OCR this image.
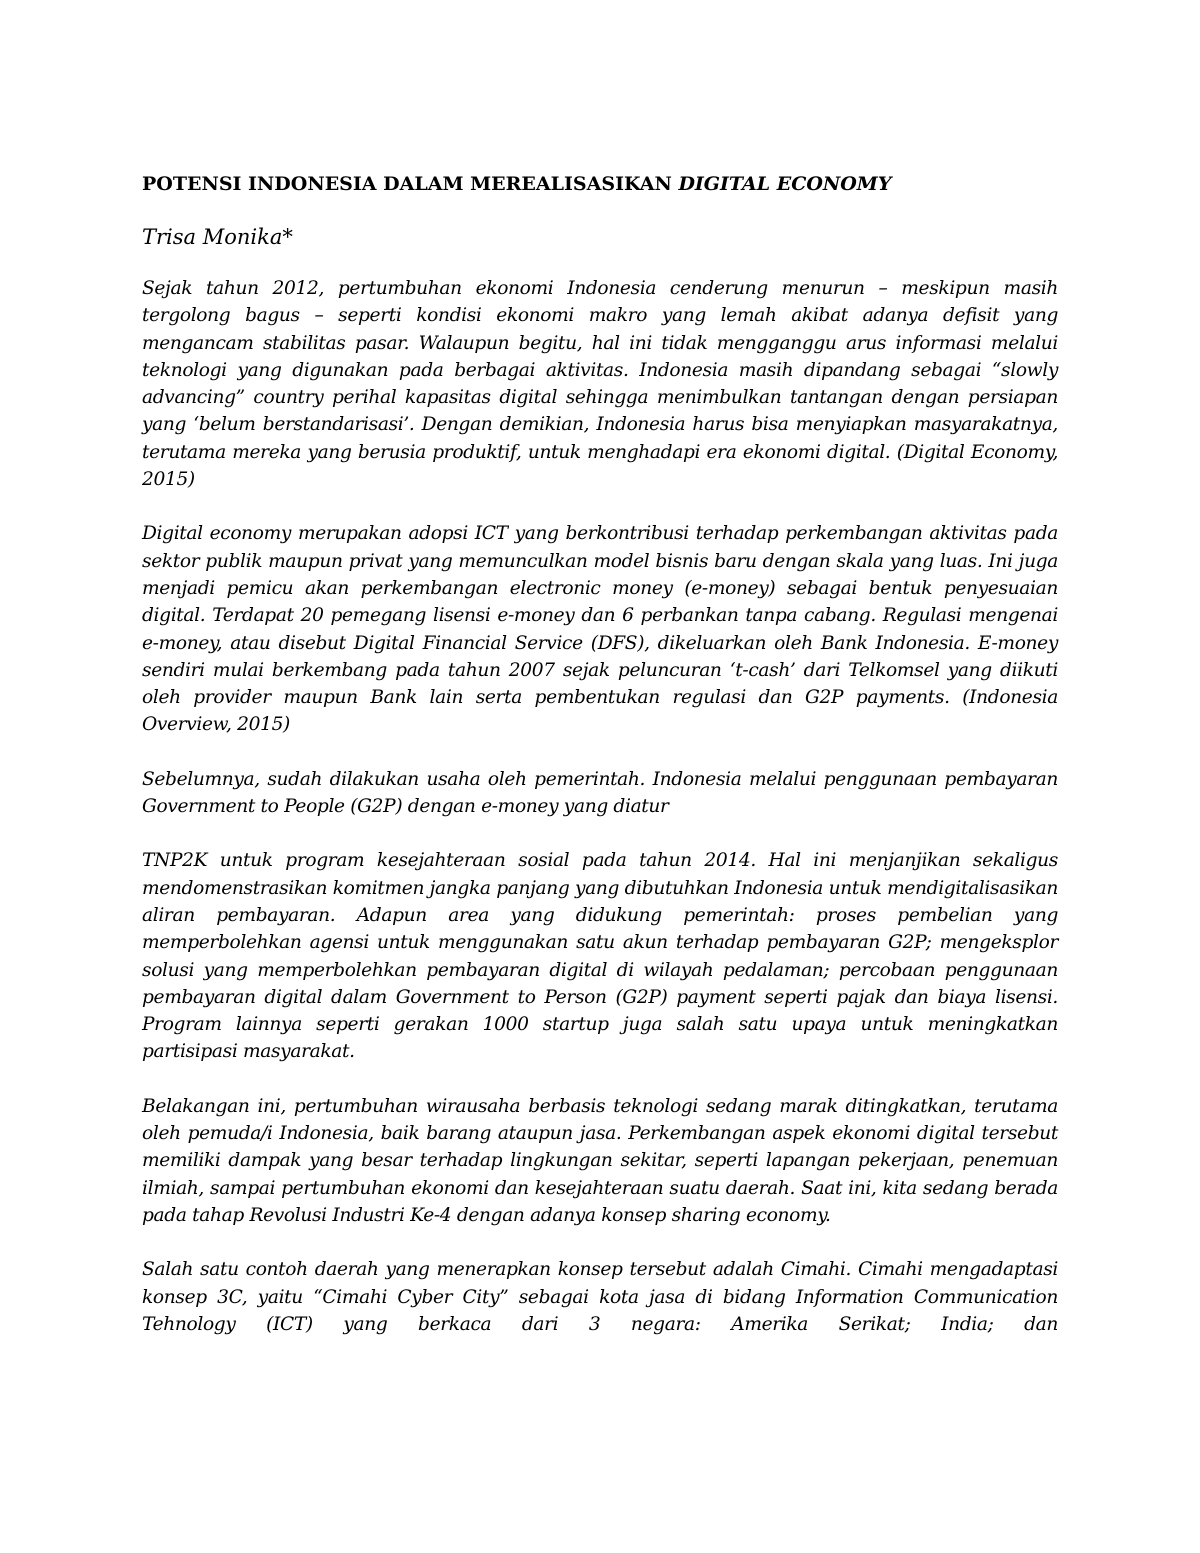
POTENSI INDONESIA DALAM MEREALISASIKAN DIGITAL ECONOMY

Trisa Monika*

Sejak tahun 2012, pertumbuhan ekonomi Indonesia cenderung menurun – meskipun masih tergolong bagus – seperti kondisi ekonomi makro yang lemah akibat adanya defisit yang mengancam stabilitas pasar. Walaupun begitu, hal ini tidak mengganggu arus informasi melalui teknologi yang digunakan pada berbagai aktivitas. Indonesia masih dipandang sebagai “slowly advancing” country perihal kapasitas digital sehingga menimbulkan tantangan dengan persiapan yang ‘belum berstandarisasi’. Dengan demikian, Indonesia harus bisa menyiapkan masyarakatnya, terutama mereka yang berusia produktif, untuk menghadapi era ekonomi digital. (Digital Economy, 2015)

Digital economy merupakan adopsi ICT yang berkontribusi terhadap perkembangan aktivitas pada sektor publik maupun privat yang memunculkan model bisnis baru dengan skala yang luas. Ini juga menjadi pemicu akan perkembangan electronic money (e-money) sebagai bentuk penyesuaian digital. Terdapat 20 pemegang lisensi e-money dan 6 perbankan tanpa cabang. Regulasi mengenai e-money, atau disebut Digital Financial Service (DFS), dikeluarkan oleh Bank Indonesia. E-money sendiri mulai berkembang pada tahun 2007 sejak peluncuran ‘t-cash’ dari Telkomsel yang diikuti oleh provider maupun Bank lain serta pembentukan regulasi dan G2P payments. (Indonesia Overview, 2015)

Sebelumnya, sudah dilakukan usaha oleh pemerintah. Indonesia melalui penggunaan pembayaran Government to People (G2P) dengan e-money yang diatur

TNP2K untuk program kesejahteraan sosial pada tahun 2014. Hal ini menjanjikan sekaligus mendomenstrasikan komitmen jangka panjang yang dibutuhkan Indonesia untuk mendigitalisasikan aliran pembayaran. Adapun area yang didukung pemerintah: proses pembelian yang memperbolehkan agensi untuk menggunakan satu akun terhadap pembayaran G2P; mengeksplor solusi yang memperbolehkan pembayaran digital di wilayah pedalaman; percobaan penggunaan pembayaran digital dalam Government to Person (G2P) payment seperti pajak dan biaya lisensi. Program lainnya seperti gerakan 1000 startup juga salah satu upaya untuk meningkatkan partisipasi masyarakat.

Belakangan ini, pertumbuhan wirausaha berbasis teknologi sedang marak ditingkatkan, terutama oleh pemuda/i Indonesia, baik barang ataupun jasa. Perkembangan aspek ekonomi digital tersebut memiliki dampak yang besar terhadap lingkungan sekitar, seperti lapangan pekerjaan, penemuan ilmiah, sampai pertumbuhan ekonomi dan kesejahteraan suatu daerah. Saat ini, kita sedang berada pada tahap Revolusi Industri Ke-4 dengan adanya konsep sharing economy.

Salah satu contoh daerah yang menerapkan konsep tersebut adalah Cimahi. Cimahi mengadaptasi konsep 3C, yaitu “Cimahi Cyber City” sebagai kota jasa di bidang Information Communication Tehnology (ICT) yang berkaca dari 3 negara: Amerika Serikat; India; dan
